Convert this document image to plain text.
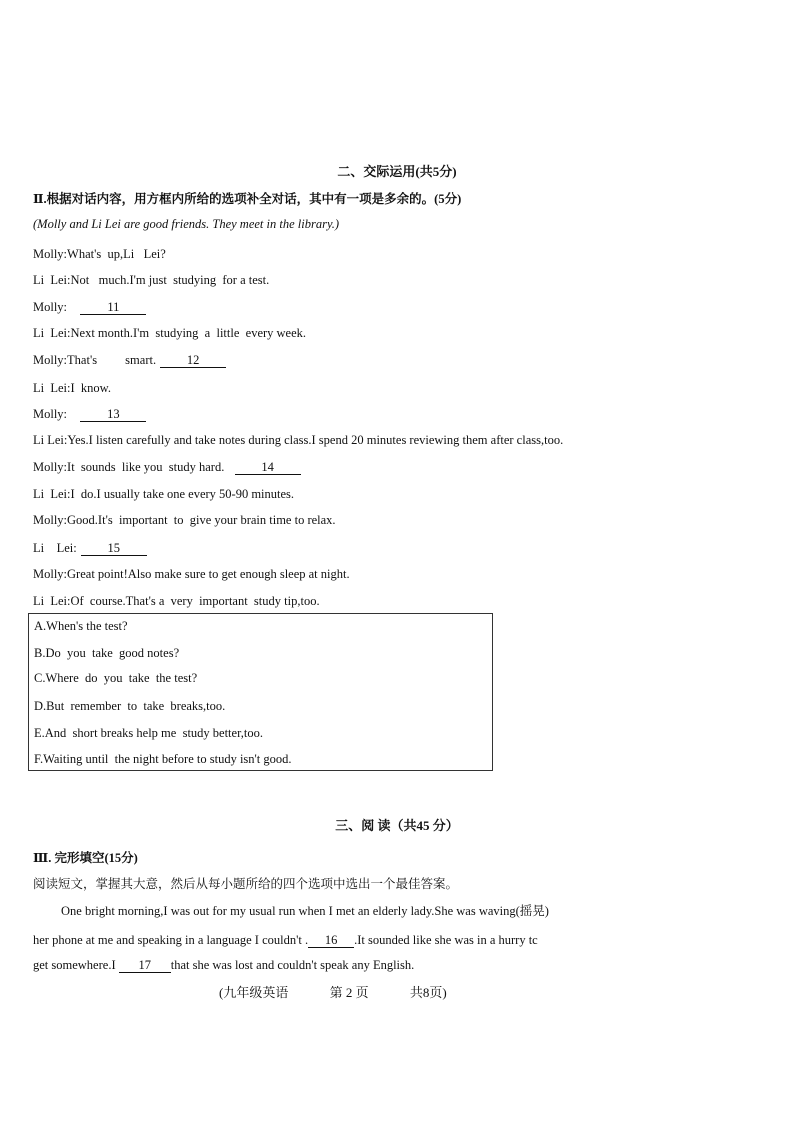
二、交际运用(共5分)
Ⅱ.根据对话内容，用方框内所给的选项补全对话，其中有一项是多余的。(5分)
(Molly and Li Lei are good friends. They meet in the library.)
Molly:What's  up,Li   Lei?
Li  Lei:Not   much.I'm just  studying  for a test.
Molly:   11
Li  Lei:Next month.I'm  studying  a  little  every week.
Molly:That's         smart. 12
Li  Lei:I  know.
Molly:   13
Li Lei:Yes.I listen carefully and take notes during class.I spend 20 minutes reviewing them after class,too.
Molly:It  sounds  like you  study hard.  14
Li  Lei:I  do.I usually take one every 50-90 minutes.
Molly:Good.It's  important  to  give your brain time to relax.
Li    Lei: 15
Molly:Great point!Also make sure to get enough sleep at night.
Li  Lei:Of  course.That's a  very  important  study tip,too.
A.When's the test?
B.Do  you  take  good notes?
C.Where  do  you  take  the test?
D.But  remember  to  take  breaks,too.
E.And  short breaks help me  study better,too.
F.Waiting until  the night before to study isn't good.
三、阅 读（共45 分）
Ⅲ. 完形填空(15分)
阅读短文，掌握其大意，然后从每小题所给的四个选项中选出一个最佳答案。
One bright morning,I was out for my usual run when I met an elderly lady.She was waving(摇晃)
her phone at me and speaking in a language I couldn't . 16 .It sounded like she was in a hurry tc
get somewhere.I 17 that she was lost and couldn't speak any English.
(九年级英语	第 2 页	共8页)
